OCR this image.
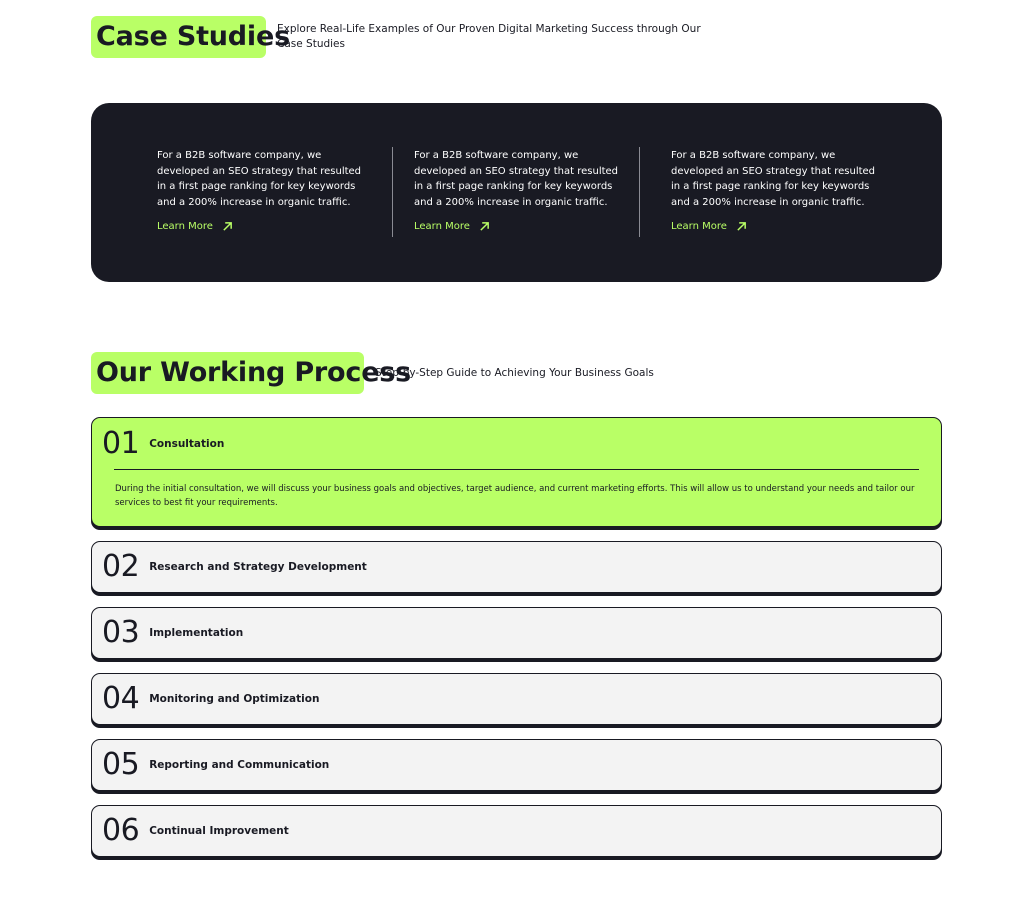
Case Studies

Explore Real-Life Examples of Our Proven Digital Marketing Success through Our Case Studies

For a B2B software company, we developed an SEO strategy that resulted in a first page ranking for key keywords and a 200% increase in organic traffic.

Learn More

For a B2B software company, we developed an SEO strategy that resulted in a first page ranking for key keywords and a 200% increase in organic traffic.

Learn More

For a B2B software company, we developed an SEO strategy that resulted in a first page ranking for key keywords and a 200% increase in organic traffic.

Learn More
Our Working Process

Step-by-Step Guide to Achieving Your Business Goals

01 Consultation

During the initial consultation, we will discuss your business goals and objectives, target audience, and current marketing efforts. This will allow us to understand your needs and tailor our services to best fit your requirements.

02 Research and Strategy Development
03 Implementation
04 Monitoring and Optimization
05 Reporting and Communication
06 Continual Improvement
